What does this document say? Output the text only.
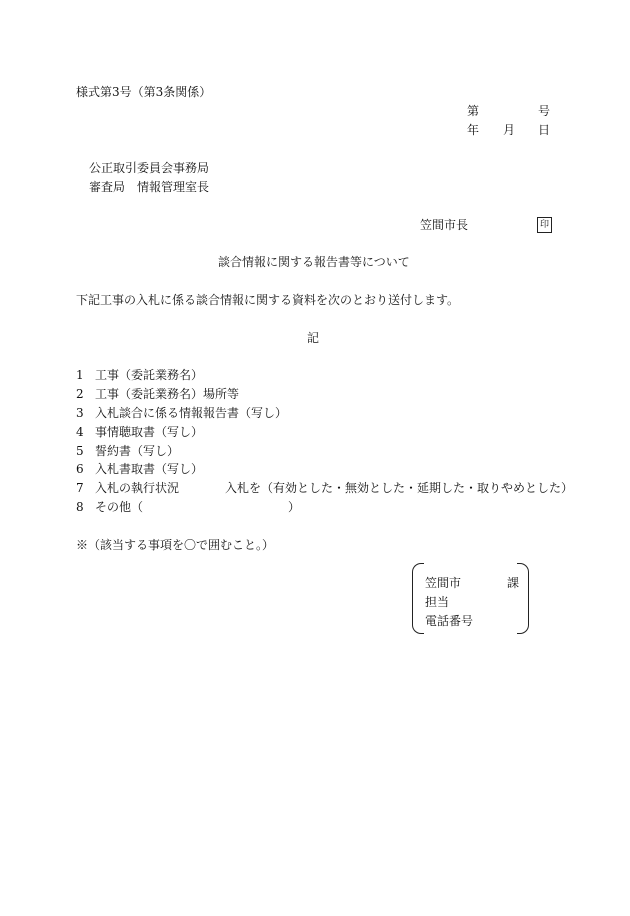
様式第3号（第3条関係）
第	号
年 月 日
公正取引委員会事務局
審査局　情報管理室長
笠間市長	印
談合情報に関する報告書等について
下記工事の入札に係る談合情報に関する資料を次のとおり送付します。
記
1 工事（委託業務名）
2 工事（委託業務名）場所等
3 入札談合に係る情報報告書（写し）
4 事情聴取書（写し）
5 誓約書（写し）
6 入札書取書（写し）
7 入札の執行状況	入札を（有効とした・無効とした・延期した・取りやめとした）
8 その他（	）
※（該当する事項を〇で囲むこと。）
笠間市	課
担当
電話番号
